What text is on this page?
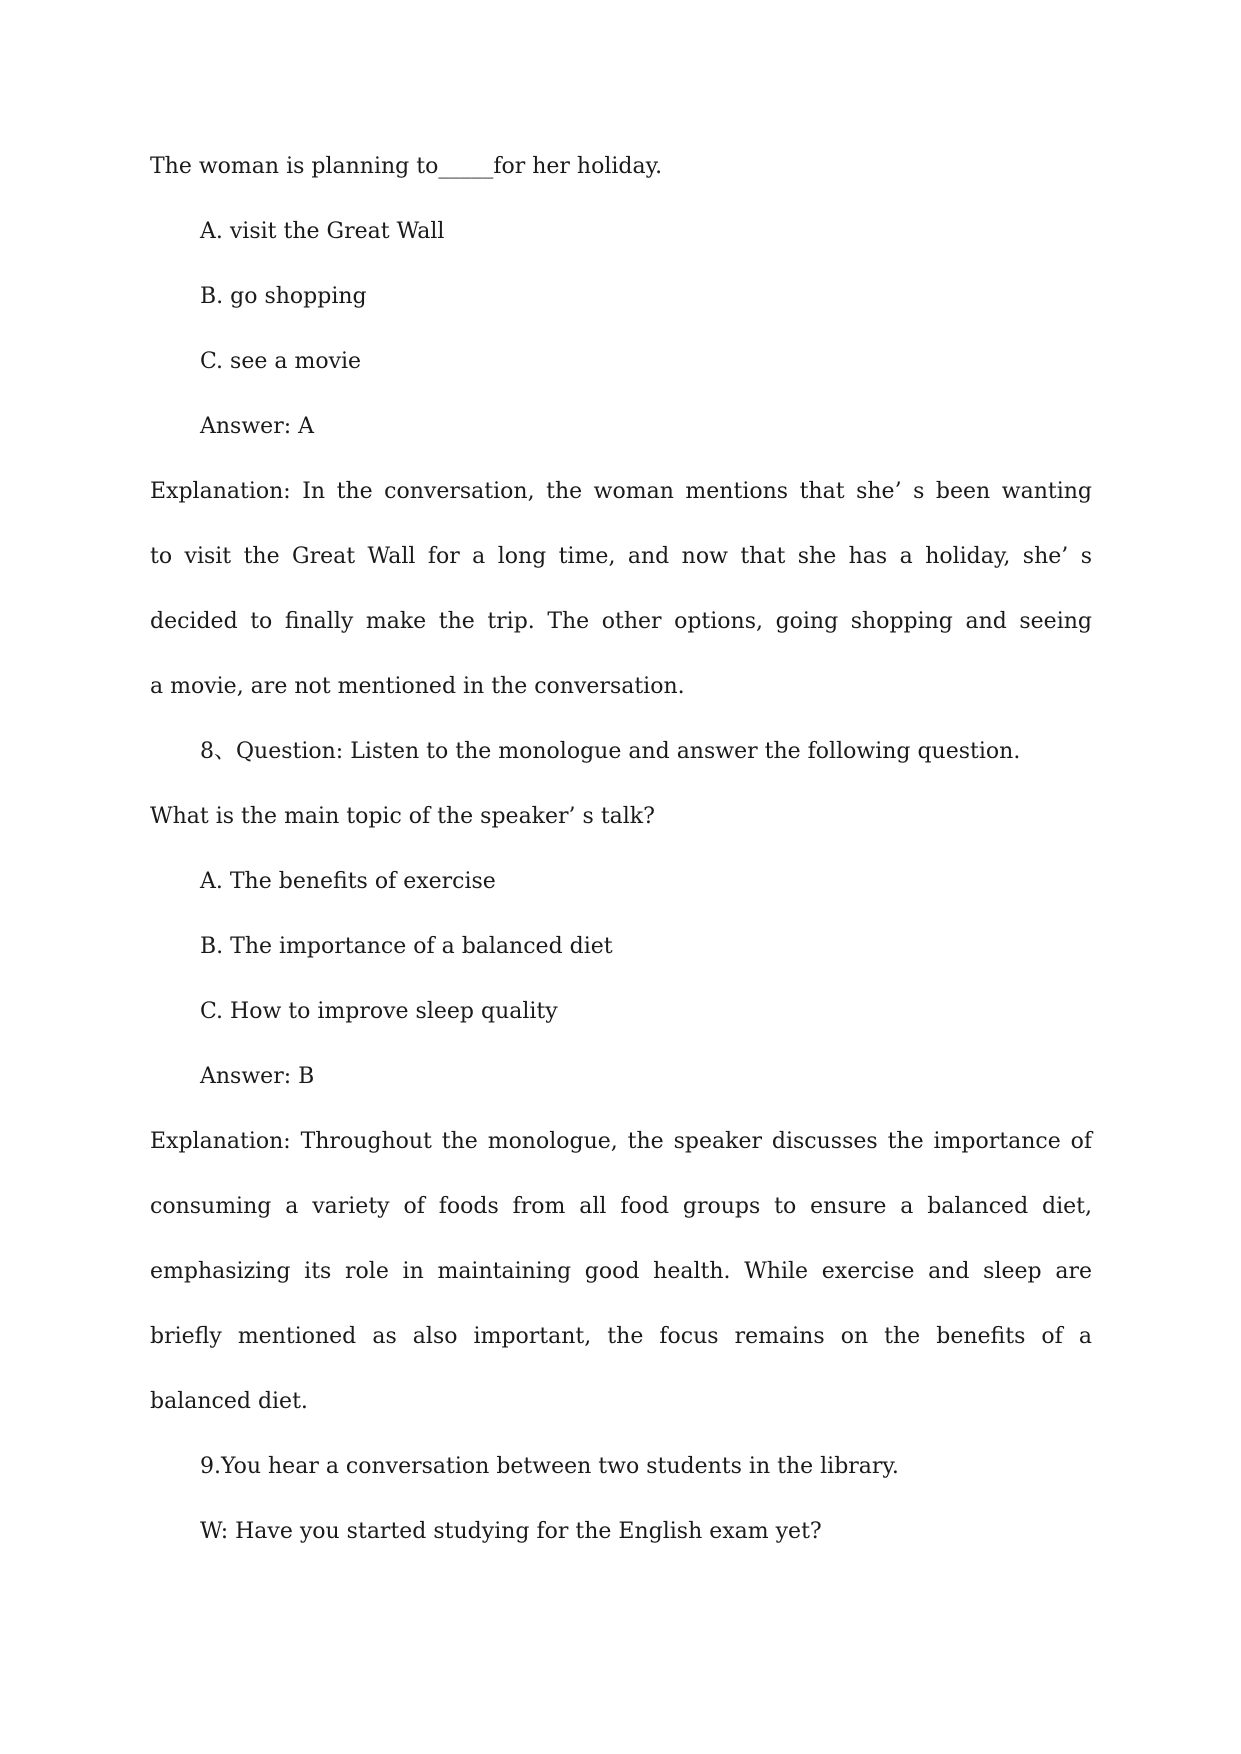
The woman is planning to_____for her holiday.
A. visit the Great Wall
B. go shopping
C. see a movie
Answer: A
Explanation: In the conversation, the woman mentions that she’ s been wanting
to visit the Great Wall for a long time, and now that she has a holiday, she’ s
decided to finally make the trip. The other options, going shopping and seeing
a movie, are not mentioned in the conversation.
8、Question: Listen to the monologue and answer the following question.
What is the main topic of the speaker’ s talk?
A. The benefits of exercise
B. The importance of a balanced diet
C. How to improve sleep quality
Answer: B
Explanation: Throughout the monologue, the speaker discusses the importance of
consuming a variety of foods from all food groups to ensure a balanced diet,
emphasizing its role in maintaining good health. While exercise and sleep are
briefly mentioned as also important, the focus remains on the benefits of a
balanced diet.
9.You hear a conversation between two students in the library.
W: Have you started studying for the English exam yet?
